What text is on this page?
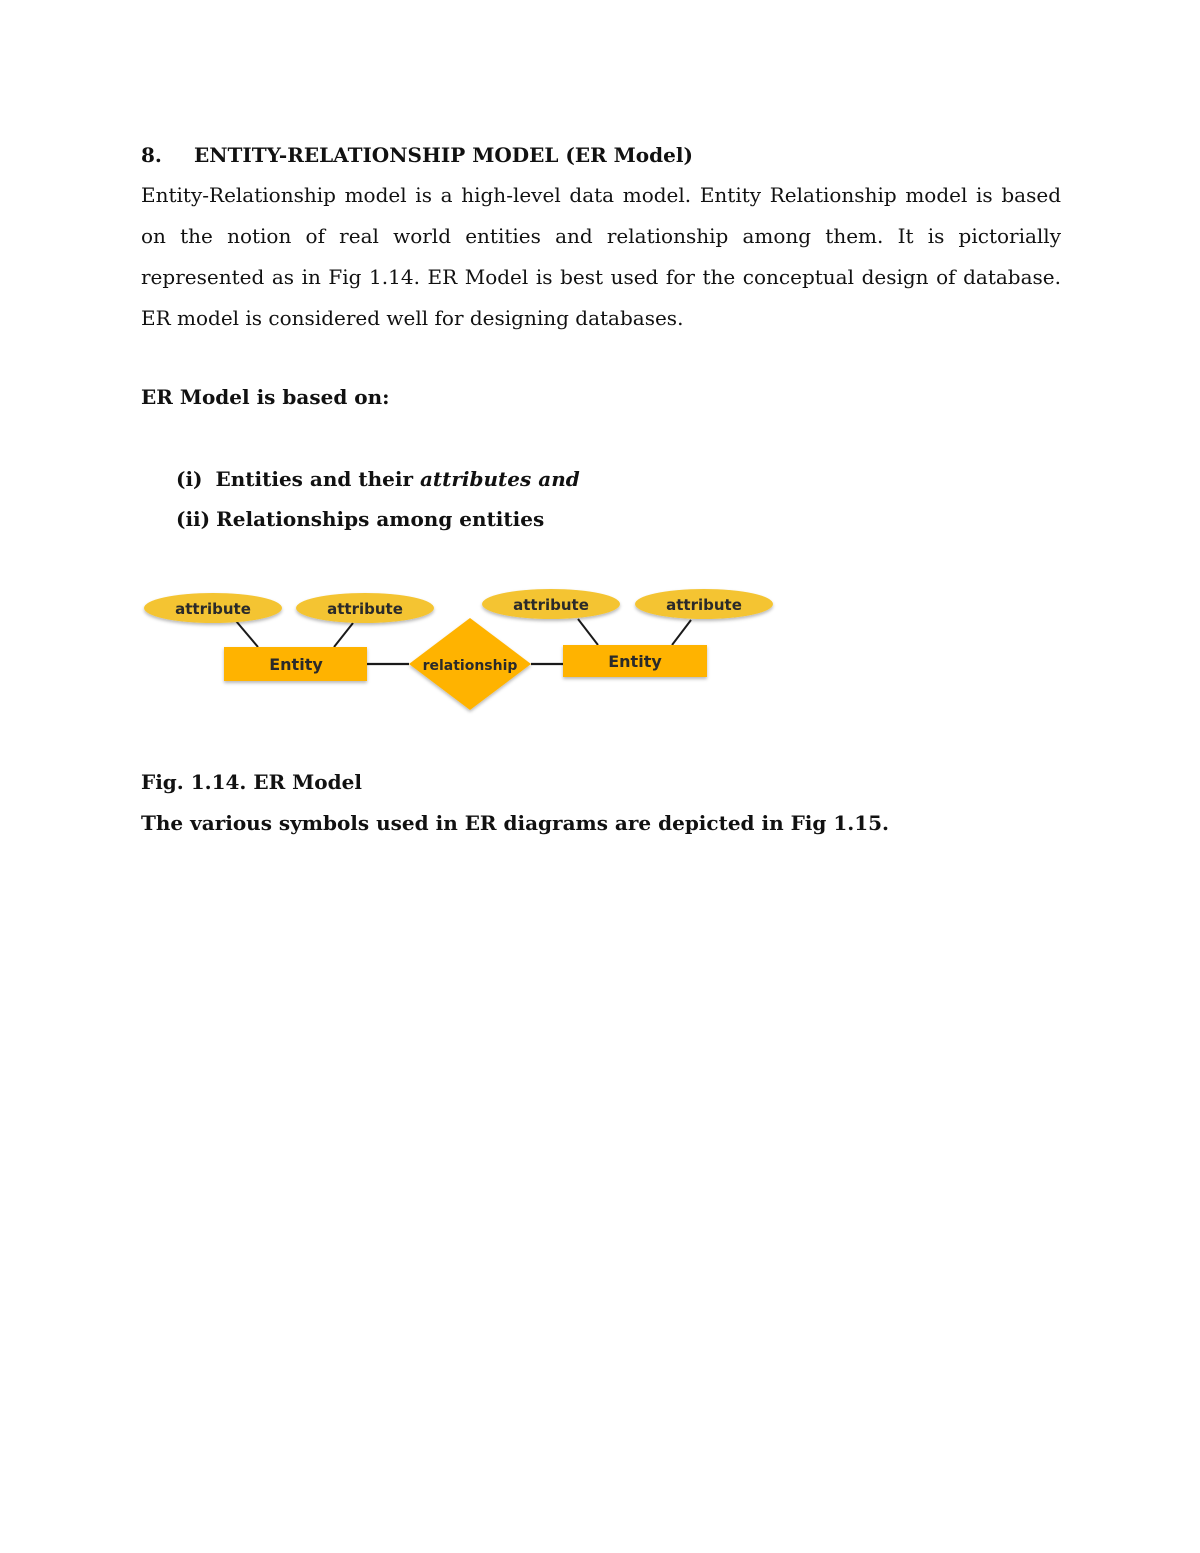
8. ENTITY-RELATIONSHIP MODEL (ER Model)
Entity-Relationship model is a high-level data model. Entity Relationship model is based on the notion of real world entities and relationship among them. It is pictorially represented as in Fig 1.14. ER Model is best used for the conceptual design of database. ER model is considered well for designing databases.
ER Model is based on:
(i) Entities and their attributes and
(ii) Relationships among entities
attribute	attribute	attribute	attribute
Entity	Entity
relationship
Fig. 1.14. ER Model
The various symbols used in ER diagrams are depicted in Fig 1.15.
